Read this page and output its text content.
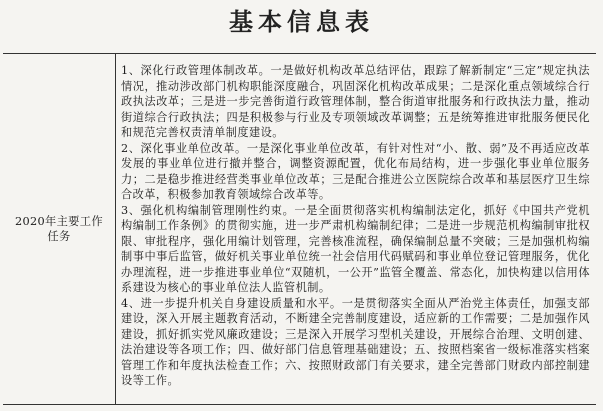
基本信息表
2020年主要工作任务

1、深化行政管理体制改革。一是做好机构改革总结评估，跟踪了解新制定“三定”规定执法情况，推动涉改部门机构职能深度融合，巩固深化机构改革成果；二是深化重点领域综合行政执法改革；三是进一步完善街道行政管理体制，整合街道审批服务和行政执法力量，推动街道综合行政执法；四是积极参与行业及专项领域改革调整；五是统筹推进审批服务便民化和规范完善权责清单制度建设。

2、深化事业单位改革。一是深化事业单位改革，有针对性对“小、散、弱”及不再适应改革发展的事业单位进行撤并整合，调整资源配置，优化布局结构，进一步强化事业单位服务力；二是稳步推进经营类事业单位改革；三是配合推进公立医院综合改革和基层医疗卫生综合改革，积极参加教育领域综合改革等。

3、强化机构编制管理刚性约束。一是全面贯彻落实机构编制法定化，抓好《中国共产党机构编制工作条例》的贯彻实施，进一步严肃机构编制纪律；二是进一步规范机构编制审批权限、审批程序，强化用编计划管理，完善核准流程，确保编制总量不突破；三是加强机构编制事中事后监管，做好机关事业单位统一社会信用代码赋码和事业单位登记管理服务，优化办理流程，进一步推进事业单位“双随机，一公开”监管全覆盖、常态化，加快构建以信用体系建设为核心的事业单位法人监管机制。

4、进一步提升机关自身建设质量和水平。一是贯彻落实全面从严治党主体责任，加强支部建设，深入开展主题教育活动，不断建全完善制度建设，适应新的工作需要；二是加强作风建设，抓好抓实党风廉政建设；三是深入开展学习型机关建设，开展综合治理、文明创建、法治建设等各项工作；四、做好部门信息管理基础建设；五、按照档案省一级标准落实档案管理工作和年度执法检查工作；六、按照财政部门有关要求，建全完善部门财政内部控制建设等工作。
